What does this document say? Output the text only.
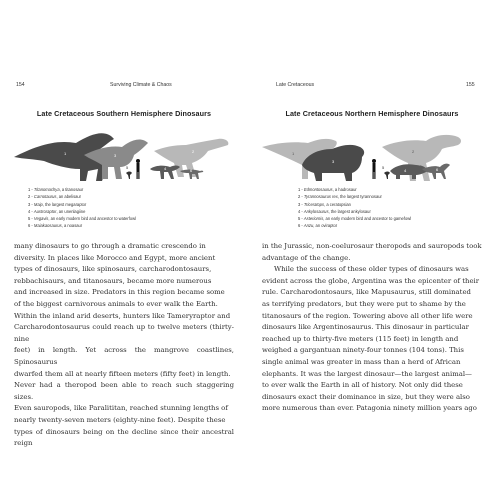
154	Surviving Climate & Chaos
Late Cretaceous Southern Hemisphere Dinosaurs
1	2
3
4
5
6
1 - Titanomachya, a titanosaur
2 - Carnotaurus, an abelisaur
3 - Maip, the largest megaraptor
4 - Austroraptor, an unenlagiine
5 - Vegavis, an early modern bird and ancestor to waterfowl
6 - Maiakaosaurus, a noasaur
many dinosaurs to go through a dramatic crescendo in
diversity. In places like Morocco and Egypt, more ancient
types of dinosaurs, like spinosaurs, carcharodontosaurs,
rebbachisaurs, and titanosaurs, became more numerous
and increased in size. Predators in this region became some
of the biggest carnivorous animals to ever walk the Earth.
Within the inland arid deserts, hunters like Tameryraptor and
Carcharodontosaurus could reach up to twelve meters (thirty-nine
feet) in length. Yet across the mangrove coastlines, Spinosaurus
dwarfed them all at nearly fifteen meters (fifty feet) in length.
Never had a theropod been able to reach such staggering sizes.
Even sauropods, like Paralititan, reached stunning lengths of
nearly twenty-seven meters (eighty-nine feet). Despite these
types of dinosaurs being on the decline since their ancestral reign
Late Cretaceous	155
Late Cretaceous Northern Hemisphere Dinosaurs
1	2
3
4
5	6
1 - Edmontosaurus, a hadrosaur
2 - Tyrannosaurus rex, the largest tyrannosaur
3 - Triceratops, a ceratopsian
4 - Ankylosaurus, the largest ankylosaur
5 - Asteriornis, an early modern bird and ancestor to gamefowl
6 - Anzu, an oviraptor
in the Jurassic, non-coelurosaur theropods and sauropods took
advantage of the change.
While the success of these older types of dinosaurs was
evident across the globe, Argentina was the epicenter of their
rule. Carcharodontosaurs, like Mapusaurus, still dominated
as terrifying predators, but they were put to shame by the
titanosaurs of the region. Towering above all other life were
dinosaurs like Argentinosaurus. This dinosaur in particular
reached up to thirty-five meters (115 feet) in length and
weighed a gargantuan ninety-four tonnes (104 tons). This
single animal was greater in mass than a herd of African
elephants. It was the largest dinosaur—the largest animal—
to ever walk the Earth in all of history. Not only did these
dinosaurs exact their dominance in size, but they were also
more numerous than ever. Patagonia ninety million years ago
